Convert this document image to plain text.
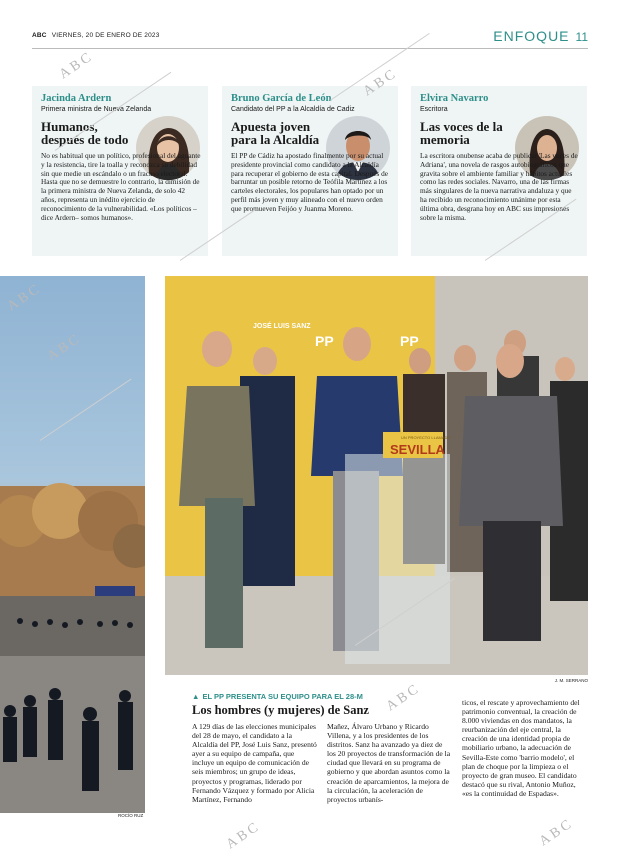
ABC VIERNES, 20 DE ENERO DE 2023	ENFOQUE 11
Jacinda Ardern
Primera ministra de Nueva Zelanda
Humanos, después de todo
No es habitual que un político, profesional del aguante y la resistencia, tire la toalla y reconozca su debilidad sin que medie un escándalo o un fracaso electoral. Hasta que no se demuestre lo contrario, la dimisión de la primera ministra de Nueva Zelanda, de solo 42 años, representa un inédito ejercicio de reconocimiento de la vulnerabilidad. «Los políticos –dice Ardern– somos humanos».
Bruno García de León
Candidato del PP a la Alcaldía de Cadiz
Apuesta joven para la Alcaldía
El PP de Cádiz ha apostado finalmente por su actual presidente provincial como candidato a la Alcaldía para recuperar el gobierno de esta capital. Después de barruntar un posible retorno de Teófila Martínez a los carteles electorales, los populares han optado por un perfil más joven y muy alineado con el nuevo orden que promueven Feijóo y Juanma Moreno.
Elvira Navarro
Escritora
Las voces de la memoria
La escritora onubense acaba de publicar 'Las voces de Adriana', una novela de rasgos autobiográficos que gravita sobre el ambiente familiar y hábitos actuales como las redes sociales. Navarro, una de las firmas más singulares de la nueva narrativa andaluza y que ha recibido un reconocimiento unánime por esta última obra, desgrana hoy en ABC sus impresiones sobre la misma.
ROCÍO RUZ
JOSÉ LUIS SANZ
PP	PP
UN PROYECTO LLAMADO
SEVILLA
J. M. SERRANO
▲ EL PP PRESENTA SU EQUIPO PARA EL 28-M
Los hombres (y mujeres) de Sanz
A 129 días de las elecciones municipales del 28 de mayo, el candidato a la Alcaldía del PP, José Luis Sanz, presentó ayer a su equipo de campaña, que incluye un equipo de comunicación de seis miembros; un grupo de ideas, proyectos y programas, liderado por Fernando Vázquez y formado por Alicia Martínez, Fernando
Mañez, Álvaro Urbano y Ricardo Villena, y a los presidentes de los distritos. Sanz ha avanzado ya diez de los 20 proyectos de transformación de la ciudad que llevará en su programa de gobierno y que abordan asuntos como la creación de aparcamientos, la mejora de la circulación, la aceleración de proyectos urbanís-
ticos, el rescate y aprovechamiento del patrimonio conventual, la creación de 8.000 viviendas en dos mandatos, la reurbanización del eje central, la creación de una identidad propia de mobiliario urbano, la adecuación de Sevilla-Este como 'barrio modelo', el plan de choque por la limpieza o el proyecto de gran museo. El candidato destacó que su rival, Antonio Muñoz, «es la continuidad de Espadas».
ABC
ABC
ABC
ABC
ABC
ABC	ABC
